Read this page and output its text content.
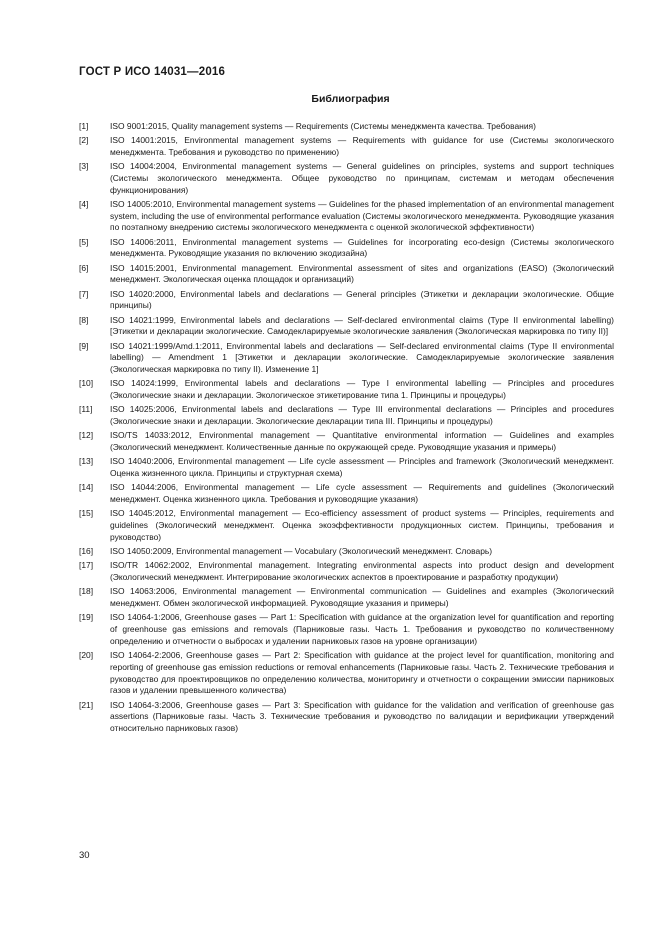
ГОСТ Р ИСО 14031—2016
Библиография
[1]	ISO 9001:2015, Quality management systems — Requirements (Системы менеджмента качества. Требования)
[2]	ISO 14001:2015, Environmental management systems — Requirements with guidance for use (Системы экологического менеджмента. Требования и руководство по применению)
[3]	ISO 14004:2004, Environmental management systems — General guidelines on principles, systems and support techniques (Системы экологического менеджмента. Общее руководство по принципам, системам и методам обеспечения функционирования)
[4]	ISO 14005:2010, Environmental management systems — Guidelines for the phased implementation of an environmental management system, including the use of environmental performance evaluation (Системы экологического менеджмента. Руководящие указания по поэтапному внедрению системы экологического менеджмента с оценкой экологической эффективности)
[5]	ISO 14006:2011, Environmental management systems — Guidelines for incorporating eco-design (Системы экологического менеджмента. Руководящие указания по включению экодизайна)
[6]	ISO 14015:2001, Environmental management. Environmental assessment of sites and organizations (EASO) (Экологический менеджмент. Экологическая оценка площадок и организаций)
[7]	ISO 14020:2000, Environmental labels and declarations — General principles (Этикетки и декларации экологические. Общие принципы)
[8]	ISO 14021:1999, Environmental labels and declarations — Self-declared environmental claims (Type II environmental labelling) [Этикетки и декларации экологические. Самодекларируемые экологические заявления (Экологическая маркировка по типу II)]
[9]	ISO 14021:1999/Amd.1:2011, Environmental labels and declarations — Self-declared environmental claims (Type II environmental labelling) — Amendment 1 [Этикетки и декларации экологические. Самодекларируемые экологические заявления (Экологическая маркировка по типу II). Изменение 1]
[10] ISO 14024:1999, Environmental labels and declarations — Type I environmental labelling — Principles and procedures (Экологические знаки и декларации. Экологическое этикетирование типа 1. Принципы и процедуры)
[11] ISO 14025:2006, Environmental labels and declarations — Type III environmental declarations — Principles and procedures (Экологические знаки и декларации. Экологические декларации типа III. Принципы и процедуры)
[12] ISO/TS 14033:2012, Environmental management — Quantitative environmental information — Guidelines and examples (Экологический менеджмент. Количественные данные по окружающей среде. Руководящие указания и примеры)
[13] ISO 14040:2006, Environmental management — Life cycle assessment — Principles and framework (Экологический менеджмент. Оценка жизненного цикла. Принципы и структурная схема)
[14] ISO 14044:2006, Environmental management — Life cycle assessment — Requirements and guidelines (Экологический менеджмент. Оценка жизненного цикла. Требования и руководящие указания)
[15] ISO 14045:2012, Environmental management — Eco-efficiency assessment of product systems — Principles, requirements and guidelines (Экологический менеджмент. Оценка экоэффективности продукционных систем. Принципы, требования и руководство)
[16] ISO 14050:2009, Environmental management — Vocabulary (Экологический менеджмент. Словарь)
[17] ISO/TR 14062:2002, Environmental management. Integrating environmental aspects into product design and development (Экологический менеджмент. Интегрирование экологических аспектов в проектирование и разработку продукции)
[18] ISO 14063:2006, Environmental management — Environmental communication — Guidelines and examples (Экологический менеджмент. Обмен экологической информацией. Руководящие указания и примеры)
[19] ISO 14064-1:2006, Greenhouse gases — Part 1: Specification with guidance at the organization level for quantification and reporting of greenhouse gas emissions and removals (Парниковые газы. Часть 1. Требования и руководство по количественному определению и отчетности о выбросах и удалении парниковых газов на уровне организации)
[20] ISO 14064-2:2006, Greenhouse gases — Part 2: Specification with guidance at the project level for quantification, monitoring and reporting of greenhouse gas emission reductions or removal enhancements (Парниковые газы. Часть 2. Технические требования и руководство для проектировщиков по определению количества, мониторингу и отчетности о сокращении эмиссии парниковых газов и удалении превышенного количества)
[21] ISO 14064-3:2006, Greenhouse gases — Part 3: Specification with guidance for the validation and verification of greenhouse gas assertions (Парниковые газы. Часть 3. Технические требования и руководство по валидации и верификации утверждений относительно парниковых газов)
30
